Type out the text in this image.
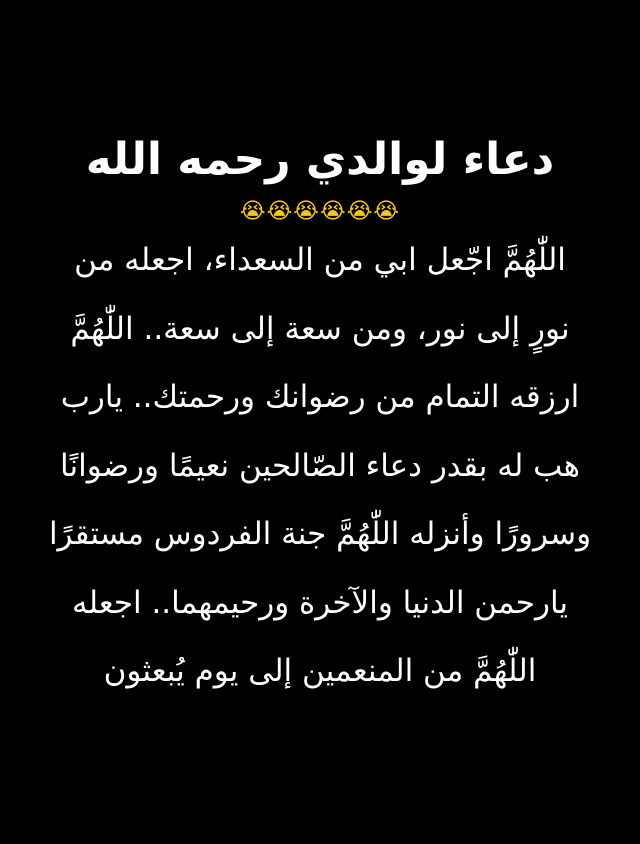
دعاء لوالدي رحمه الله
😭😭😭😭😭😭
اللّٰهُمَّ اجّعل ابي من السعداء، اجعله من
نورٍ إلى نور، ومن سعة إلى سعة.. اللّٰهُمَّ
ارزقه التمام من رضوانك ورحمتك.. يارب
هب له بقدر دعاء الصّالحين نعيمًا ورضوانًا
وسرورًا وأنزله اللّٰهُمَّ جنة الفردوس مستقرًا
يارحمن الدنيا والآخرة ورحيمهما.. اجعله
اللّٰهُمَّ من المنعمين إلى يوم يُبعثون
